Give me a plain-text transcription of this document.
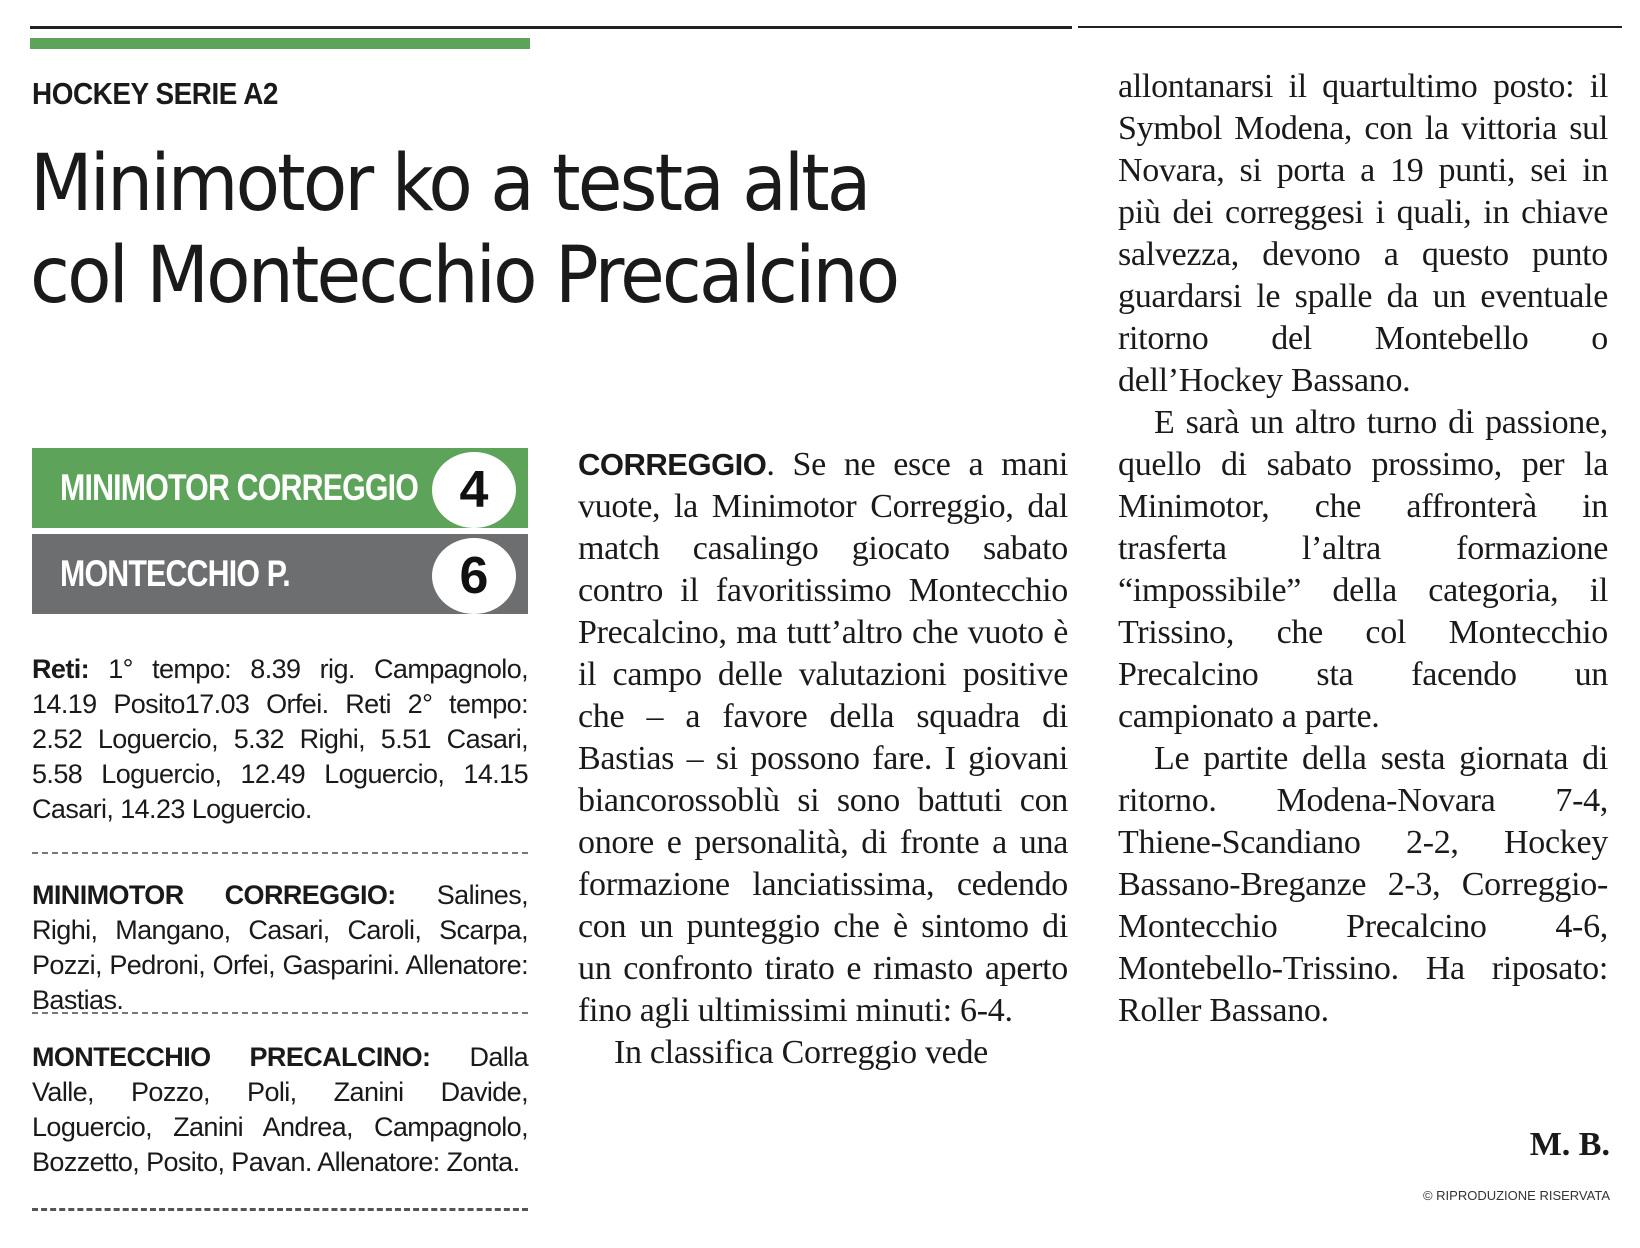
HOCKEY SERIE A2
Minimotor ko a testa alta
col Montecchio Precalcino
MINIMOTOR CORREGGIO 4
MONTECCHIO P.	6
Reti: 1° tempo: 8.39 rig. Campagnolo, 14.19 Posito17.03 Orfei. Reti 2° tempo: 2.52 Loguercio, 5.32 Righi, 5.51 Casari, 5.58 Loguercio, 12.49 Loguercio, 14.15 Casari, 14.23 Loguercio.
MINIMOTOR CORREGGIO: Salines, Righi, Mangano, Casari, Caroli, Scarpa, Pozzi, Pedroni, Orfei, Gasparini. Allenatore: Bastias.
MONTECCHIO PRECALCINO: Dalla Valle, Pozzo, Poli, Zanini Davide, Loguercio, Zanini Andrea, Campagnolo, Bozzetto, Posito, Pavan. Allenatore: Zonta.

CORREGGIO. Se ne esce a mani vuote, la Minimotor Correggio, dal match casalingo giocato sabato contro il favoritissimo Montecchio Precalcino, ma tutt’altro che vuoto è il campo delle valutazioni positive che – a favore della squadra di Bastias – si possono fare. I giovani biancorossoblù si sono battuti con onore e personalità, di fronte a una formazione lanciatissima, cedendo con un punteggio che è sintomo di un confronto tirato e rimasto aperto fino agli ultimissimi minuti: 6-4.

In classifica Correggio vede

allontanarsi il quartultimo posto: il Symbol Modena, con la vittoria sul Novara, si porta a 19 punti, sei in più dei correggesi i quali, in chiave salvezza, devono a questo punto guardarsi le spalle da un eventuale ritorno del Montebello o dell’Hockey Bassano.

E sarà un altro turno di passione, quello di sabato prossimo, per la Minimotor, che affronterà in trasferta l’altra formazione “impossibile” della categoria, il Trissino, che col Montecchio Precalcino sta facendo un campionato a parte.

Le partite della sesta giornata di ritorno. Modena-Novara 7-4, Thiene-Scandiano 2-2, Hockey Bassano-Breganze 2-3, Correggio-Montecchio Precalcino 4-6, Montebello-Trissino. Ha riposato: Roller Bassano.

M. B.
© RIPRODUZIONE RISERVATA
